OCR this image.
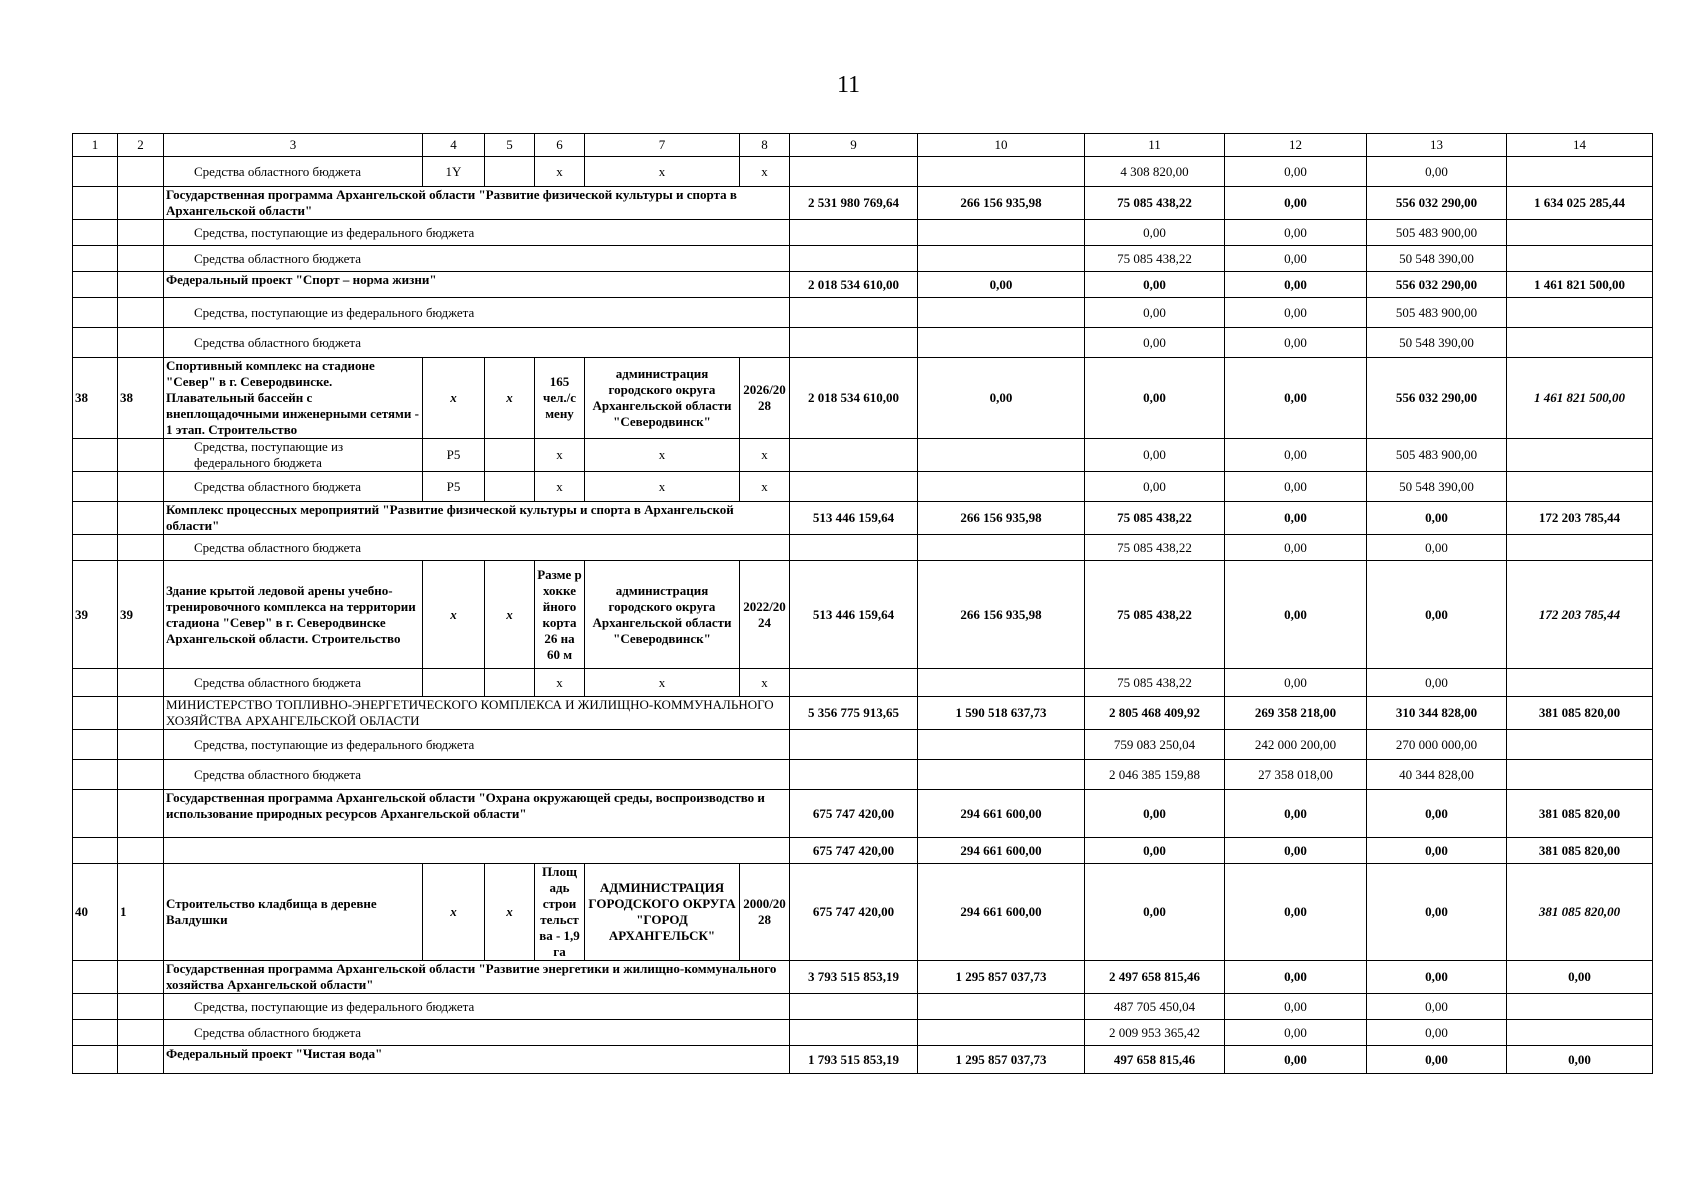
11
1	2	3	4	5	6	7	8	9	10	11	12	13	14
		Средства областного бюджета	1Y		x	x	x			4 308 820,00	0,00	0,00	
		Государственная программа Архангельской области "Развитие физической культуры и спорта в Архангельской области"						2 531 980 769,64	266 156 935,98	75 085 438,22	0,00	556 032 290,00	1 634 025 285,44
		Средства, поступающие из федерального бюджета								0,00	0,00	505 483 900,00	
		Средства областного бюджета								75 085 438,22	0,00	50 548 390,00	
		Федеральный проект "Спорт – норма жизни"						2 018 534 610,00	0,00	0,00	0,00	556 032 290,00	1 461 821 500,00
		Средства, поступающие из федерального бюджета								0,00	0,00	505 483 900,00	
		Средства областного бюджета								0,00	0,00	50 548 390,00	
38	38	Спортивный комплекс на стадионе "Север" в г. Северодвинске. Плавательный бассейн с внеплощадочными инженерными сетями - 1 этап. Строительство	x	x	165 чел./с мену	администрация городского округа Архангельской области "Северодвинск"	2026/20 28	2 018 534 610,00	0,00	0,00	0,00	556 032 290,00	1 461 821 500,00
		Средства, поступающие из федерального бюджета	P5		x	x	x			0,00	0,00	505 483 900,00	
		Средства областного бюджета	P5		x	x	x			0,00	0,00	50 548 390,00	
		Комплекс процессных мероприятий "Развитие физической культуры и спорта в Архангельской области"						513 446 159,64	266 156 935,98	75 085 438,22	0,00	0,00	172 203 785,44
		Средства областного бюджета								75 085 438,22	0,00	0,00	
39	39	Здание крытой ледовой арены учебно-тренировочного комплекса на территории стадиона "Север" в г. Северодвинске Архангельской области. Строительство	x	x	Разме р хокке йного корта 26 на 60 м	администрация городского округа Архангельской области "Северодвинск"	2022/20 24	513 446 159,64	266 156 935,98	75 085 438,22	0,00	0,00	172 203 785,44
		Средства областного бюджета			x	x	x			75 085 438,22	0,00	0,00	
		МИНИСТЕРСТВО ТОПЛИВНО-ЭНЕРГЕТИЧЕСКОГО КОМПЛЕКСА И ЖИЛИЩНО-КОММУНАЛЬНОГО ХОЗЯЙСТВА АРХАНГЕЛЬСКОЙ ОБЛАСТИ						5 356 775 913,65	1 590 518 637,73	2 805 468 409,92	269 358 218,00	310 344 828,00	381 085 820,00
		Средства, поступающие из федерального бюджета								759 083 250,04	242 000 200,00	270 000 000,00	
		Средства областного бюджета								2 046 385 159,88	27 358 018,00	40 344 828,00	
		Государственная программа Архангельской области "Охрана окружающей среды, воспроизводство и использование природных ресурсов Архангельской области"						675 747 420,00	294 661 600,00	0,00	0,00	0,00	381 085 820,00
								675 747 420,00	294 661 600,00	0,00	0,00	0,00	381 085 820,00
40	1	Строительство кладбища в деревне Валдушки	x	x	Площ адь строи тельст ва - 1,9 га	АДМИНИСТРАЦИЯ ГОРОДСКОГО ОКРУГА "ГОРОД АРХАНГЕЛЬСК"	2000/20 28	675 747 420,00	294 661 600,00	0,00	0,00	0,00	381 085 820,00
		Государственная программа Архангельской области "Развитие энергетики и жилищно-коммунального хозяйства Архангельской области"						3 793 515 853,19	1 295 857 037,73	2 497 658 815,46	0,00	0,00	0,00
		Средства, поступающие из федерального бюджета								487 705 450,04	0,00	0,00	
		Средства областного бюджета								2 009 953 365,42	0,00	0,00	
		Федеральный проект "Чистая вода"						1 793 515 853,19	1 295 857 037,73	497 658 815,46	0,00	0,00	0,00
